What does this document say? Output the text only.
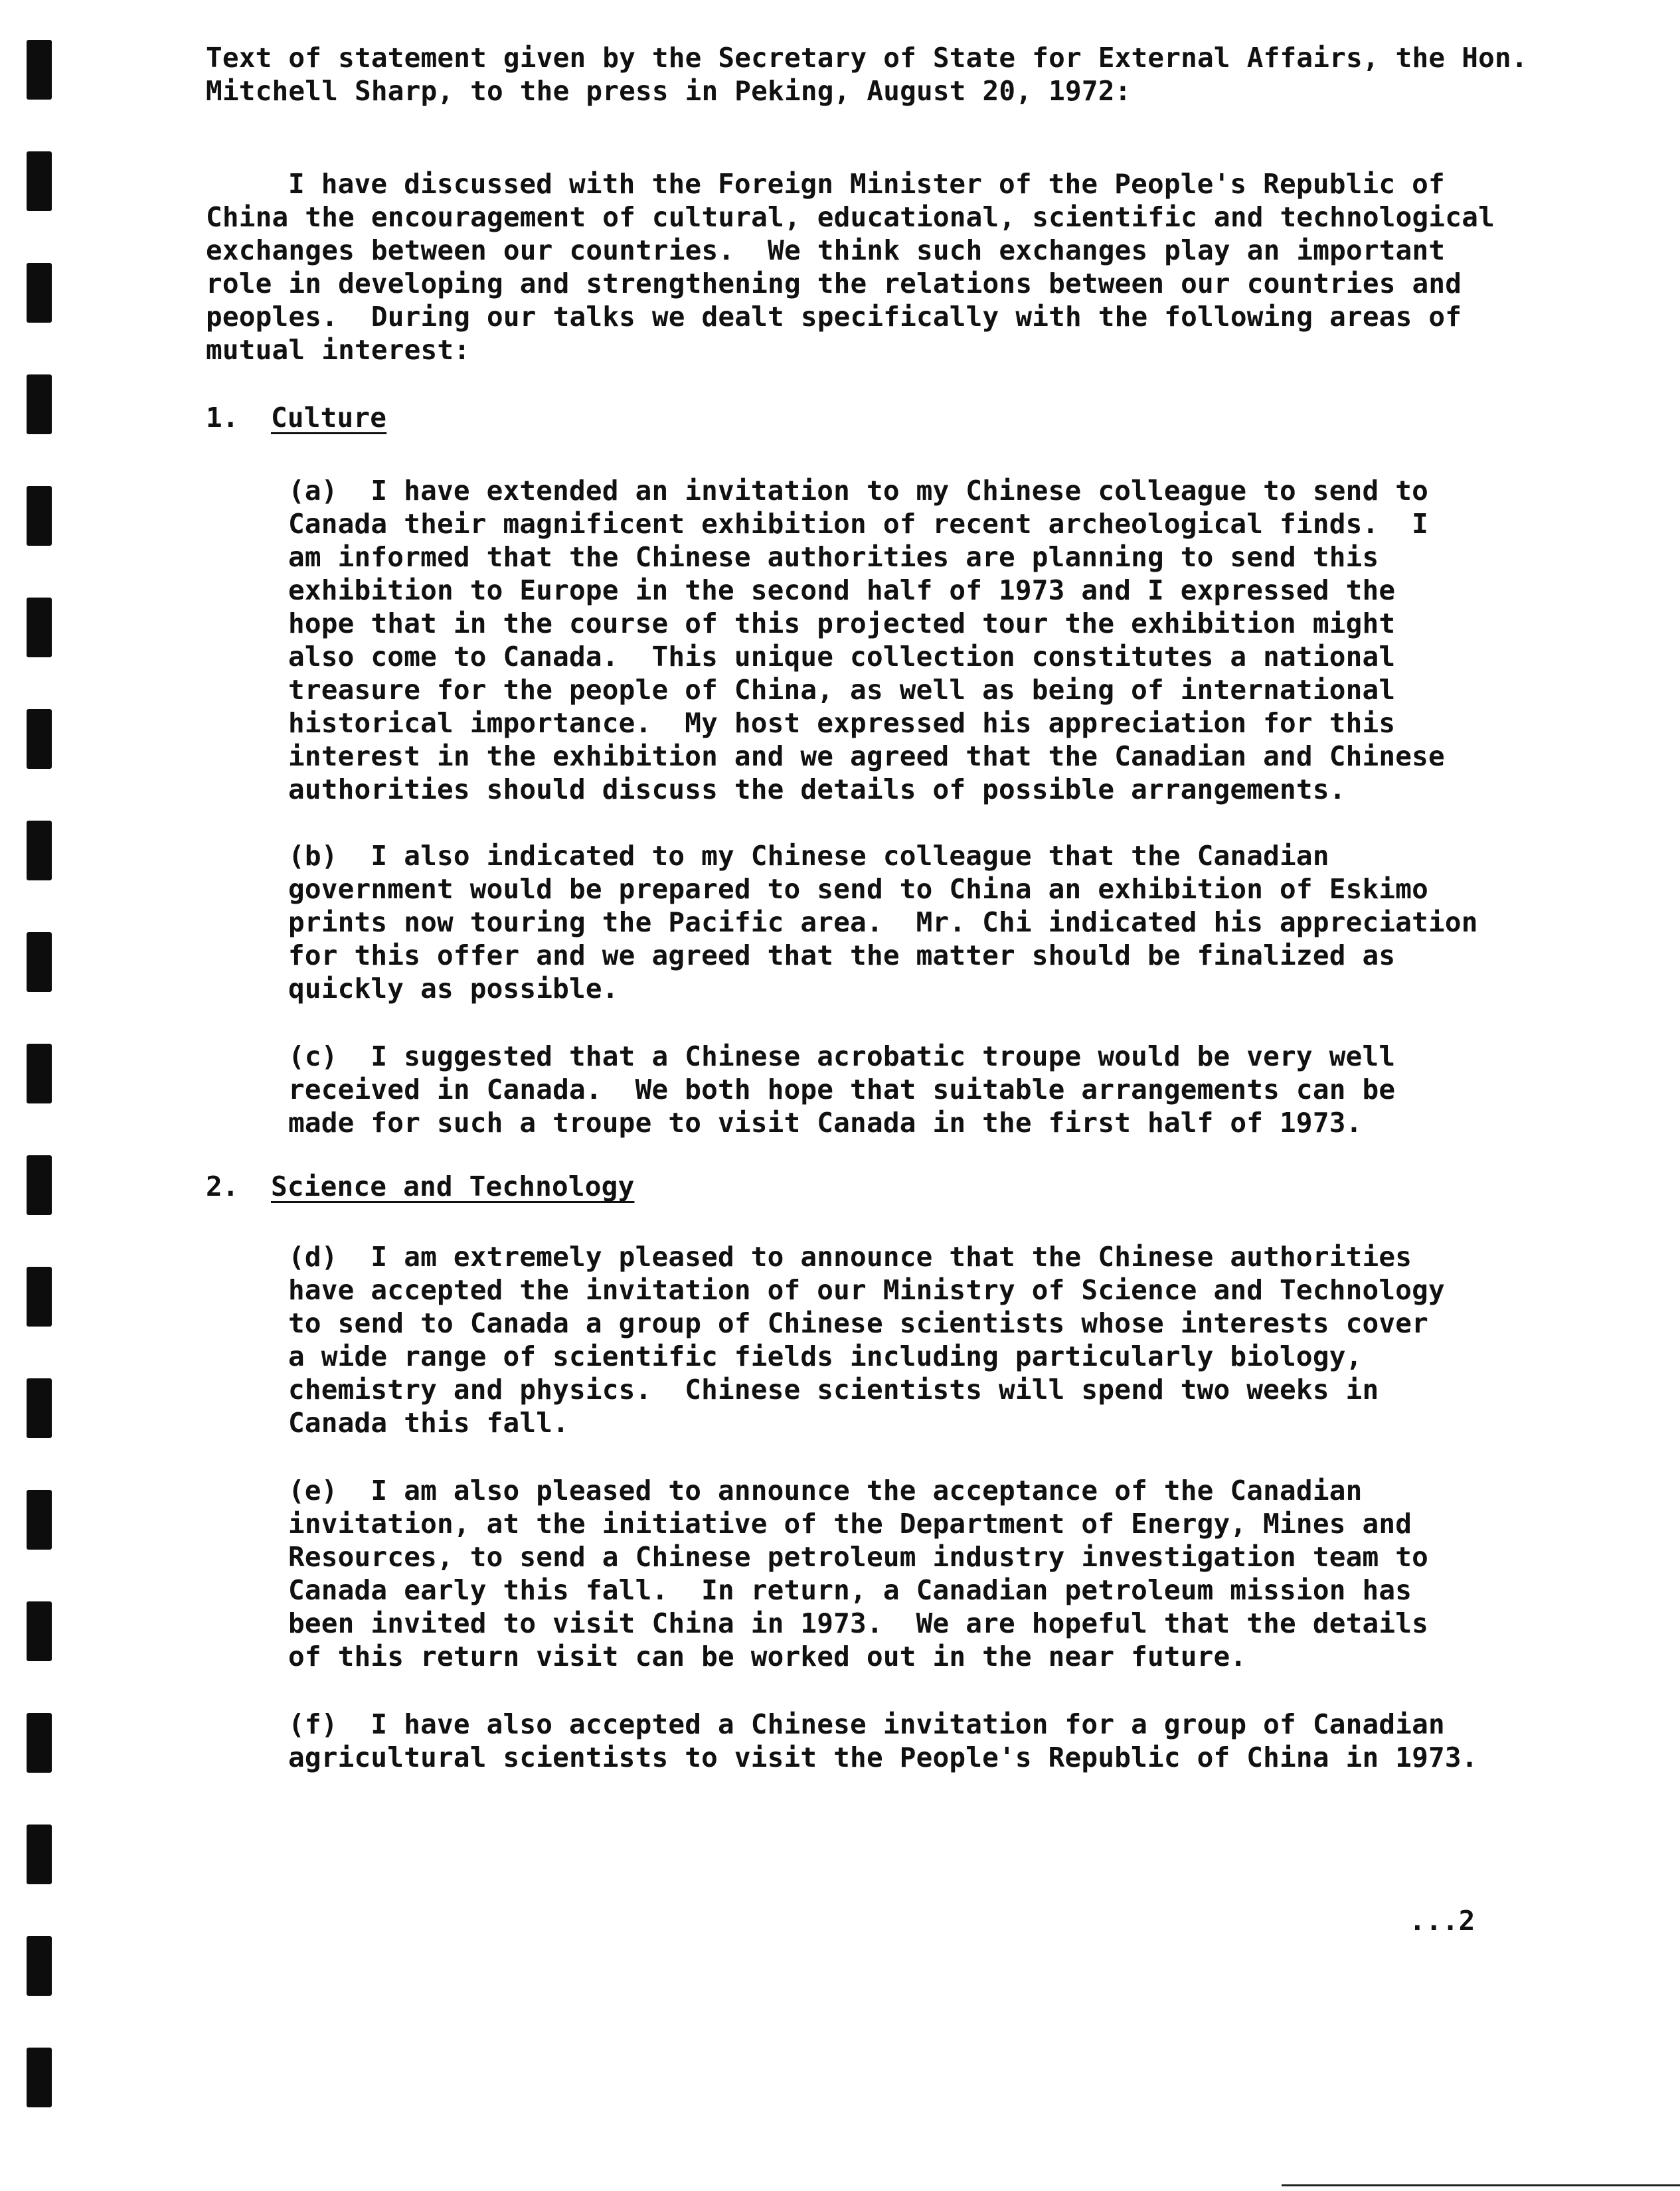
Text of statement given by the Secretary of State for External Affairs, the Hon.
Mitchell Sharp, to the press in Peking, August 20, 1972:
I have discussed with the Foreign Minister of the People's Republic of
China the encouragement of cultural, educational, scientific and technological
exchanges between our countries.  We think such exchanges play an important
role in developing and strengthening the relations between our countries and
peoples.  During our talks we dealt specifically with the following areas of
mutual interest:
1. Culture
(a)  I have extended an invitation to my Chinese colleague to send to
Canada their magnificent exhibition of recent archeological finds.  I
am informed that the Chinese authorities are planning to send this
exhibition to Europe in the second half of 1973 and I expressed the
hope that in the course of this projected tour the exhibition might
also come to Canada.  This unique collection constitutes a national
treasure for the people of China, as well as being of international
historical importance.  My host expressed his appreciation for this
interest in the exhibition and we agreed that the Canadian and Chinese
authorities should discuss the details of possible arrangements.
(b)  I also indicated to my Chinese colleague that the Canadian
government would be prepared to send to China an exhibition of Eskimo
prints now touring the Pacific area.  Mr. Chi indicated his appreciation
for this offer and we agreed that the matter should be finalized as
quickly as possible.
(c)  I suggested that a Chinese acrobatic troupe would be very well
received in Canada.  We both hope that suitable arrangements can be
made for such a troupe to visit Canada in the first half of 1973.
2. Science and Technology
(d)  I am extremely pleased to announce that the Chinese authorities
have accepted the invitation of our Ministry of Science and Technology
to send to Canada a group of Chinese scientists whose interests cover
a wide range of scientific fields including particularly biology,
chemistry and physics.  Chinese scientists will spend two weeks in
Canada this fall.
(e)  I am also pleased to announce the acceptance of the Canadian
invitation, at the initiative of the Department of Energy, Mines and
Resources, to send a Chinese petroleum industry investigation team to
Canada early this fall.  In return, a Canadian petroleum mission has
been invited to visit China in 1973.  We are hopeful that the details
of this return visit can be worked out in the near future.
(f)  I have also accepted a Chinese invitation for a group of Canadian
agricultural scientists to visit the People's Republic of China in 1973.
...2
